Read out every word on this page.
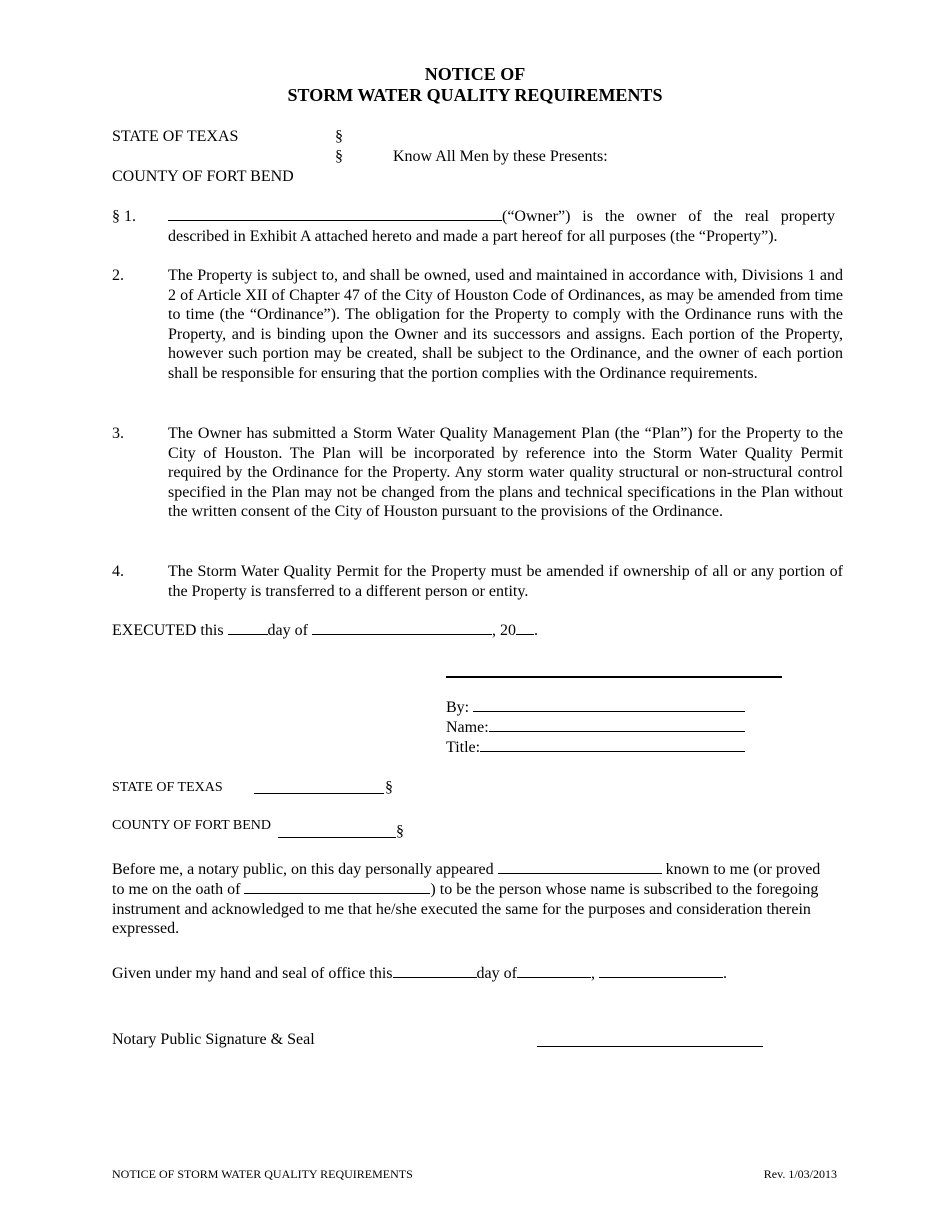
NOTICE OF
STORM WATER QUALITY REQUIREMENTS
STATE OF TEXAS	§
§	Know All Men by these Presents:
COUNTY OF FORT BEND
§ 1.	(“Owner”) is the owner of the real property
described in Exhibit A attached hereto and made a part hereof for all purposes (the “Property”).
2.	The Property is subject to, and shall be owned, used and maintained in accordance with, Divisions 1 and 2 of Article XII of Chapter 47 of the City of Houston Code of Ordinances, as may be amended from time to time (the “Ordinance”). The obligation for the Property to comply with the Ordinance runs with the Property, and is binding upon the Owner and its successors and assigns. Each portion of the Property, however such portion may be created, shall be subject to the Ordinance, and the owner of each portion shall be responsible for ensuring that the portion complies with the Ordinance requirements.
3.	The Owner has submitted a Storm Water Quality Management Plan (the “Plan”) for the Property to the City of Houston. The Plan will be incorporated by reference into the Storm Water Quality Permit required by the Ordinance for the Property. Any storm water quality structural or non-structural control specified in the Plan may not be changed from the plans and technical specifications in the Plan without the written consent of the City of Houston pursuant to the provisions of the Ordinance.
4.	The Storm Water Quality Permit for the Property must be amended if ownership of all or any portion of the Property is transferred to a different person or entity.
EXECUTED this	day of	, 20 .
By:
Name:
Title:
STATE OF TEXAS	§
COUNTY OF FORT BEND	§
Before me, a notary public, on this day personally appeared	known to me (or proved
to me on the oath of	) to be the person whose name is subscribed to the foregoing
instrument and acknowledged to me that he/she executed the same for the purposes and consideration therein
expressed.
Given under my hand and seal of office this	day of	,	.
Notary Public Signature & Seal
NOTICE OF STORM WATER QUALITY REQUIREMENTS	Rev. 1/03/2013
